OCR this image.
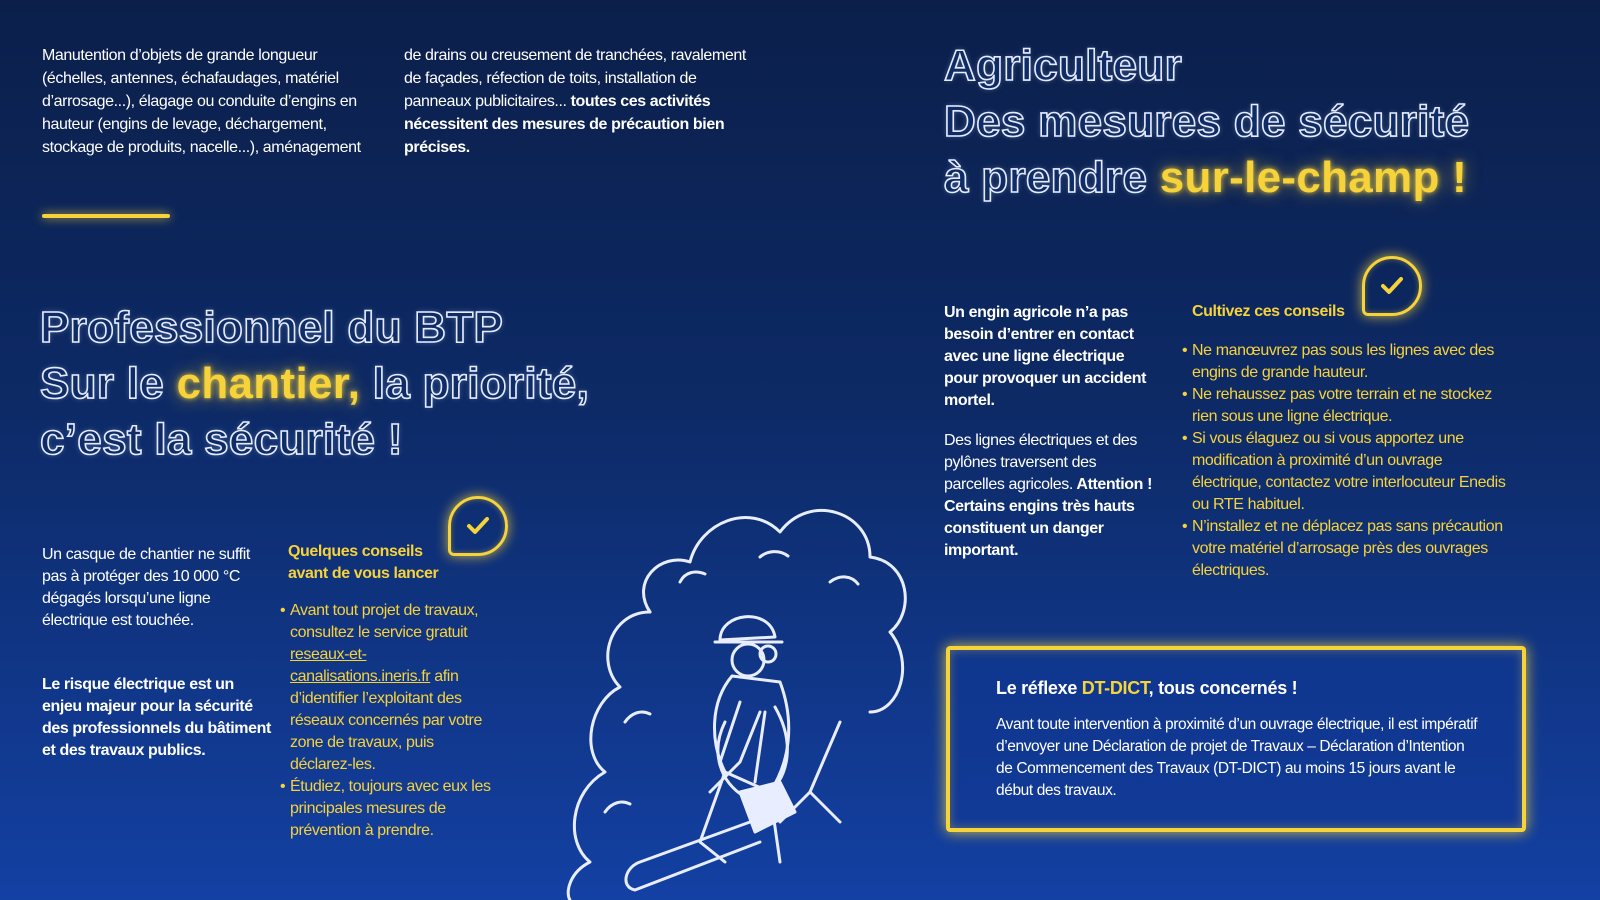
Manutention d’objets de grande longueur (échelles, antennes, échafaudages, matériel d’arrosage...), élagage ou conduite d’engins en hauteur (engins de levage, déchargement, stockage de produits, nacelle...), aménagement
de drains ou creusement de tranchées, ravalement de façades, réfection de toits, installation de panneaux publicitaires... toutes ces activités nécessitent des mesures de précaution bien précises.
Professionnel du BTP
Sur le chantier, la priorité,
c’est la sécurité !
Un casque de chantier ne suffit pas à protéger des 10 000 °C dégagés lorsqu’une ligne électrique est touchée.
Le risque électrique est un enjeu majeur pour la sécurité des professionnels du bâtiment et des travaux publics.
Quelques conseils avant de vous lancer
• Avant tout projet de travaux, consultez le service gratuit reseaux-et-canalisations.ineris.fr afin d’identifier l’exploitant des réseaux concernés par votre zone de travaux, puis déclarez-les.
• Étudiez, toujours avec eux les principales mesures de prévention à prendre.
Agriculteur
Des mesures de sécurité
à prendre sur-le-champ !
Un engin agricole n’a pas besoin d’entrer en contact avec une ligne électrique pour provoquer un accident mortel.
Des lignes électriques et des pylônes traversent des parcelles agricoles. Attention ! Certains engins très hauts constituent un danger important.
Cultivez ces conseils
• Ne manœuvrez pas sous les lignes avec des engins de grande hauteur.
• Ne rehaussez pas votre terrain et ne stockez rien sous une ligne électrique.
• Si vous élaguez ou si vous apportez une modification à proximité d’un ouvrage électrique, contactez votre interlocuteur Enedis ou RTE habituel.
• N’installez et ne déplacez pas sans précaution votre matériel d’arrosage près des ouvrages électriques.
Le réflexe DT-DICT, tous concernés !
Avant toute intervention à proximité d’un ouvrage électrique, il est impératif d’envoyer une Déclaration de projet de Travaux – Déclaration d’Intention de Commencement des Travaux (DT-DICT) au moins 15 jours avant le début des travaux.
